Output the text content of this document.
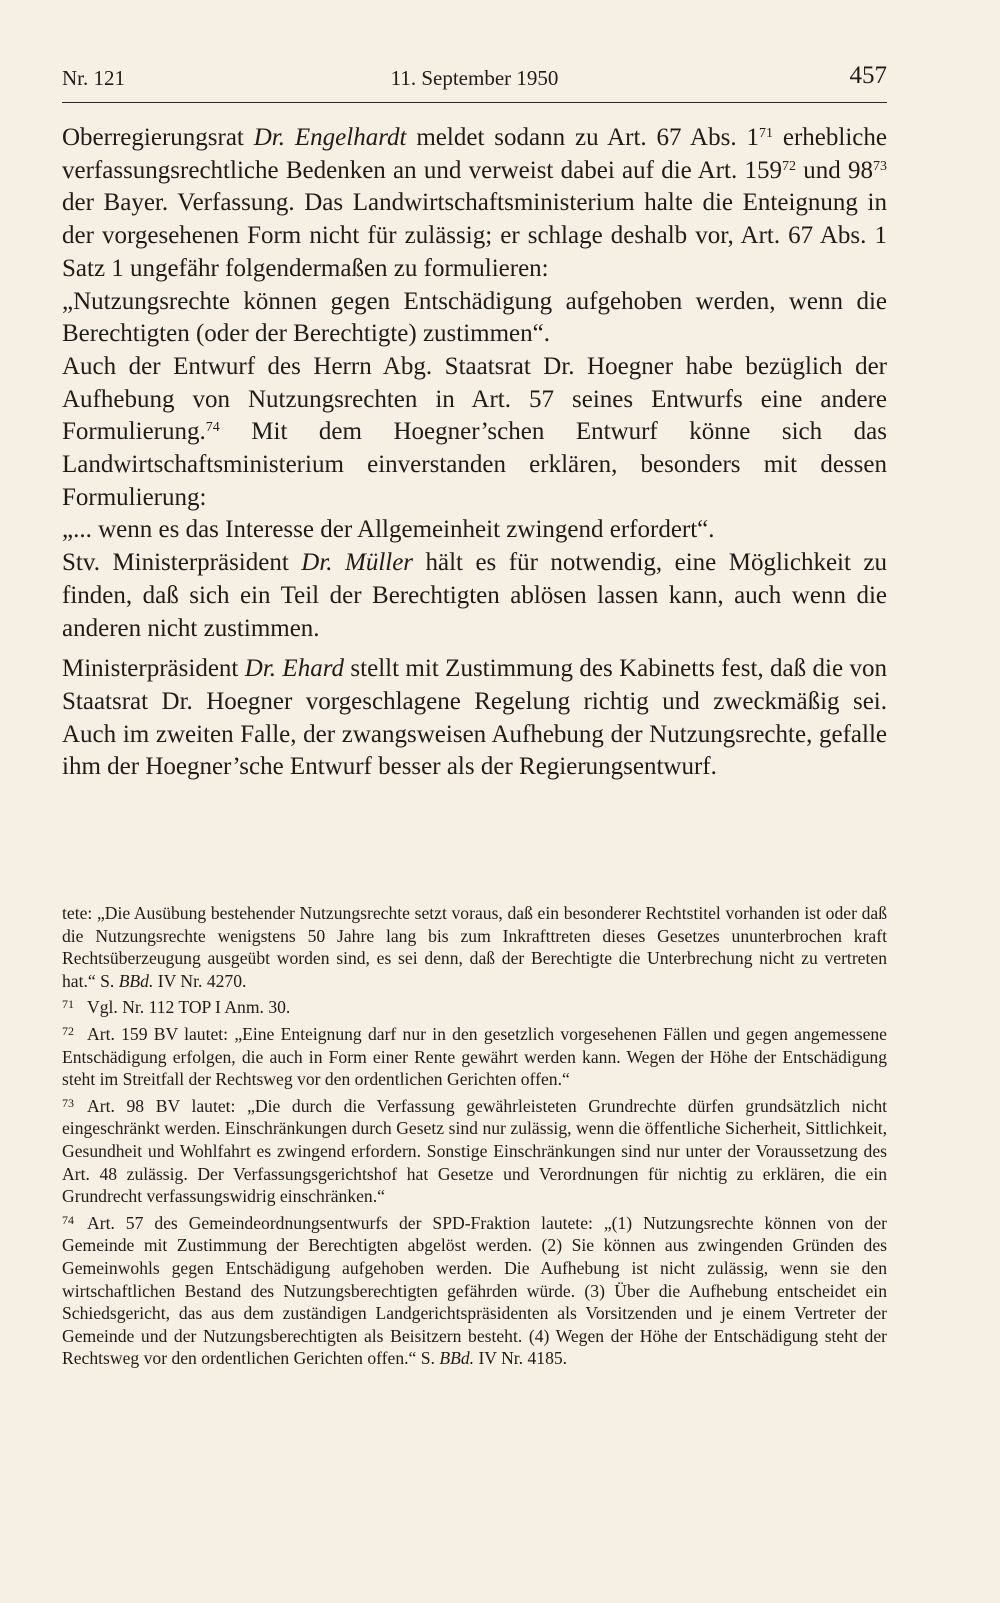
Nr. 121	11. September 1950	457

Oberregierungsrat Dr. Engelhardt meldet sodann zu Art. 67 Abs. $1^{71}$ erhebliche verfassungsrechtliche Bedenken an und verweist dabei auf die Art. $159^{72}$ und $98^{73}$ der Bayer. Verfassung. Das Landwirtschaftsministerium halte die Enteignung in der vorgesehenen Form nicht für zulässig; er schlage deshalb vor, Art. 67 Abs. 1 Satz 1 ungefähr folgendermaßen zu formulieren:

„Nutzungsrechte können gegen Entschädigung aufgehoben werden, wenn die Berechtigten (oder der Berechtigte) zustimmen“.

Auch der Entwurf des Herrn Abg. Staatsrat Dr. Hoegner habe bezüglich der Aufhebung von Nutzungsrechten in Art. 57 seines Entwurfs eine andere Formulierung.$^{74}$ Mit dem Hoegner’schen Entwurf könne sich das Landwirtschaftsministerium einverstanden erklären, besonders mit dessen Formulierung:

„... wenn es das Interesse der Allgemeinheit zwingend erfordert“.

Stv. Ministerpräsident Dr. Müller hält es für notwendig, eine Möglichkeit zu finden, daß sich ein Teil der Berechtigten ablösen lassen kann, auch wenn die anderen nicht zustimmen.

Ministerpräsident Dr. Ehard stellt mit Zustimmung des Kabinetts fest, daß die von Staatsrat Dr. Hoegner vorgeschlagene Regelung richtig und zweckmäßig sei. Auch im zweiten Falle, der zwangsweisen Aufhebung der Nutzungsrechte, gefalle ihm der Hoegner’sche Entwurf besser als der Regierungsentwurf.

tete: „Die Ausübung bestehender Nutzungsrechte setzt voraus, daß ein besonderer Rechtstitel vorhanden ist oder daß die Nutzungsrechte wenigstens 50 Jahre lang bis zum Inkrafttreten dieses Gesetzes ununterbrochen kraft Rechtsüberzeugung ausgeübt worden sind, es sei denn, daß der Berechtigte die Unterbrechung nicht zu vertreten hat.“ S. BBd. IV Nr. 4270.

71 Vgl. Nr. 112 TOP I Anm. 30.

72 Art. 159 BV lautet: „Eine Enteignung darf nur in den gesetzlich vorgesehenen Fällen und gegen angemessene Entschädigung erfolgen, die auch in Form einer Rente gewährt werden kann. Wegen der Höhe der Entschädigung steht im Streitfall der Rechtsweg vor den ordentlichen Gerichten offen.“

73 Art. 98 BV lautet: „Die durch die Verfassung gewährleisteten Grundrechte dürfen grundsätzlich nicht eingeschränkt werden. Einschränkungen durch Gesetz sind nur zulässig, wenn die öffentliche Sicherheit, Sittlichkeit, Gesundheit und Wohlfahrt es zwingend erfordern. Sonstige Einschränkungen sind nur unter der Voraussetzung des Art. 48 zulässig. Der Verfassungsgerichtshof hat Gesetze und Verordnungen für nichtig zu erklären, die ein Grundrecht verfassungswidrig einschränken.“

74 Art. 57 des Gemeindeordnungsentwurfs der SPD-Fraktion lautete: „(1) Nutzungsrechte können von der Gemeinde mit Zustimmung der Berechtigten abgelöst werden. (2) Sie können aus zwingenden Gründen des Gemeinwohls gegen Entschädigung aufgehoben werden. Die Aufhebung ist nicht zulässig, wenn sie den wirtschaftlichen Bestand des Nutzungsberechtigten gefährden würde. (3) Über die Aufhebung entscheidet ein Schiedsgericht, das aus dem zuständigen Landgerichtspräsidenten als Vorsitzenden und je einem Vertreter der Gemeinde und der Nutzungsberechtigten als Beisitzern besteht. (4) Wegen der Höhe der Entschädigung steht der Rechtsweg vor den ordentlichen Gerichten offen.“ S. BBd. IV Nr. 4185.
